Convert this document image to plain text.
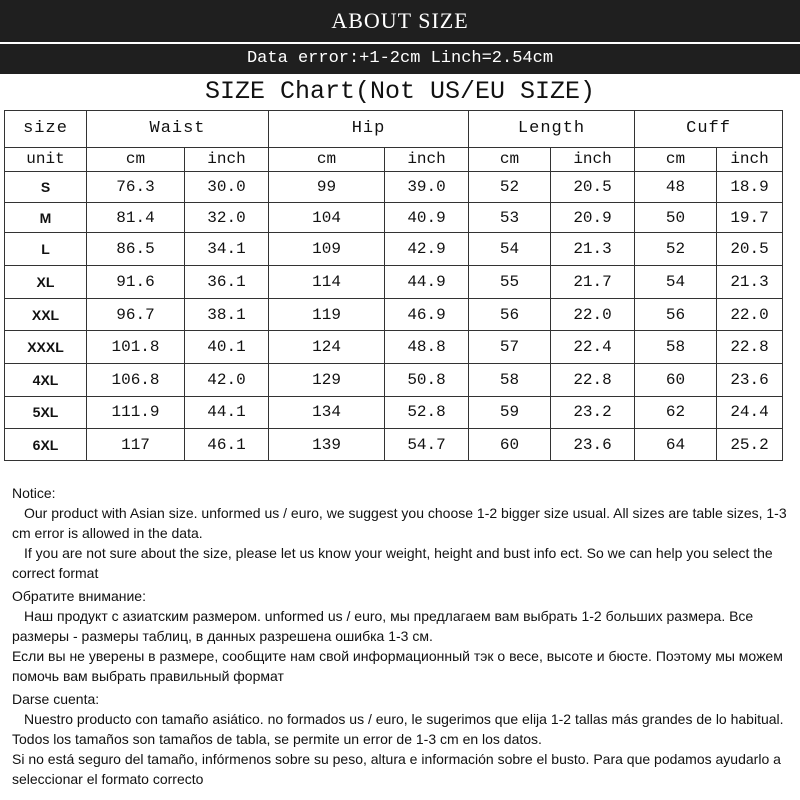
ABOUT SIZE
Data error:+1-2cm Linch=2.54cm
SIZE Chart(Not US/EU SIZE)
size	Waist		Hip		Length		Cuff	
unit	cm	inch	cm	inch	cm	inch	cm	inch
S	76.3	30.0	99	39.0	52	20.5	48	18.9
M	81.4	32.0	104	40.9	53	20.9	50	19.7
L	86.5	34.1	109	42.9	54	21.3	52	20.5
XL	91.6	36.1	114	44.9	55	21.7	54	21.3
XXL	96.7	38.1	119	46.9	56	22.0	56	22.0
XXXL	101.8	40.1	124	48.8	57	22.4	58	22.8
4XL	106.8	42.0	129	50.8	58	22.8	60	23.6
5XL	111.9	44.1	134	52.8	59	23.2	62	24.4
6XL	117	46.1	139	54.7	60	23.6	64	25.2

Notice:

Our product with Asian size. unformed us / euro, we suggest you choose 1-2 bigger size usual. All sizes are table sizes, 1-3 cm error is allowed in the data.

If you are not sure about the size, please let us know your weight, height and bust info ect. So we can help you select the correct format

Обратите внимание:

Наш продукт с азиатским размером. unformed us / euro, мы предлагаем вам выбрать 1-2 больших размера. Все размеры - размеры таблиц, в данных разрешена ошибка 1-3 см.

Если вы не уверены в размере, сообщите нам свой информационный тэк о весе, высоте и бюсте. Поэтому мы можем помочь вам выбрать правильный формат

Darse cuenta:

Nuestro producto con tamaño asiático. no formados us / euro, le sugerimos que elija 1-2 tallas más grandes de lo habitual. Todos los tamaños son tamaños de tabla, se permite un error de 1-3 cm en los datos.

Si no está seguro del tamaño, infórmenos sobre su peso, altura e información sobre el busto. Para que podamos ayudarlo a seleccionar el formato correcto
